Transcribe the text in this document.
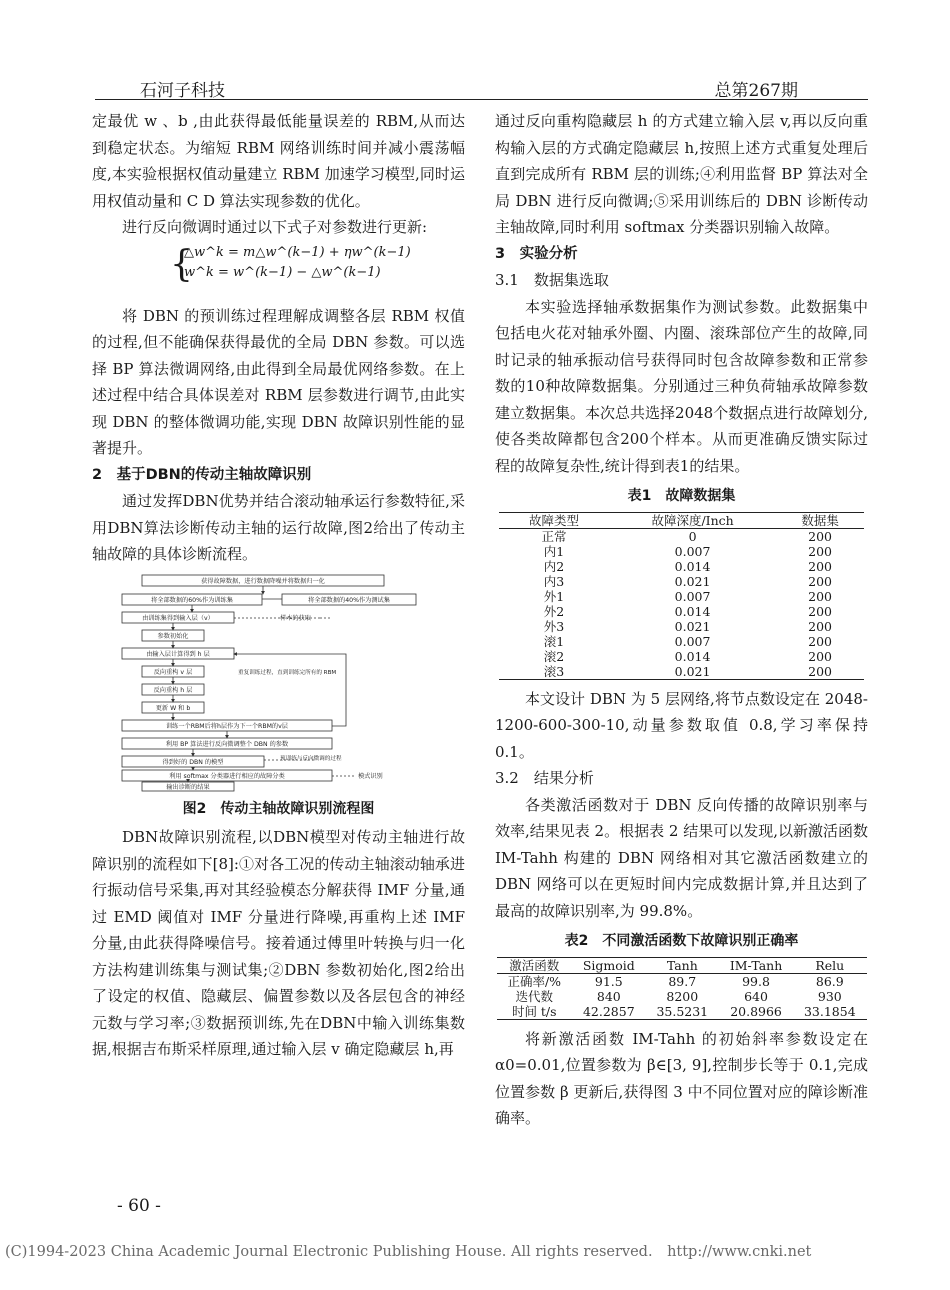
石河子科技	总第267期

定最优 w 、b ,由此获得最低能量误差的 RBM,从而达到稳定状态。为缩短 RBM 网络训练时间并减小震荡幅度,本实验根据权值动量建立 RBM 加速学习模型,同时运用权值动量和 C D 算法实现参数的优化。

进行反向微调时通过以下式子对参数进行更新:

{
△w^k = m△w^(k−1) + ηw^(k−1)
w^k = w^(k−1) − △w^(k−1)

将 DBN 的预训练过程理解成调整各层 RBM 权值的过程,但不能确保获得最优的全局 DBN 参数。可以选择 BP 算法微调网络,由此得到全局最优网络参数。在上述过程中结合具体误差对 RBM 层参数进行调节,由此实现 DBN 的整体微调功能,实现 DBN 故障识别性能的显著提升。

2　基于DBN的传动主轴故障识别

通过发挥DBN优势并结合滚动轴承运行参数特征,采用DBN算法诊断传动主轴的运行故障,图2给出了传动主轴故障的具体诊断流程。

获得故障数据，进行数据降噪并将数据归一化
将全部数据的60%作为训练集	将全部数据的40%作为测试集
由训练集得到输入层（v）
参数初始化
由输入层计算得到 h 层
反向重构 v 层
反向重构 h 层
更新 W 和 b
训练一个RBM后将h层作为下一个RBM的v层
利用 BP 算法进行反向微调整个 DBN 的参数
得到好的 DBN 的模型
利用 softmax 分类器进行相应的故障分类
输出诊断的结果
样本的获取
重复训练过程，直到训练完所有的 RBM
预训练与反向微调的过程
模式识别
图2　传动主轴故障识别流程图

DBN故障识别流程,以DBN模型对传动主轴进行故障识别的流程如下[8]:①对各工况的传动主轴滚动轴承进行振动信号采集,再对其经验模态分解获得 IMF 分量,通过 EMD 阈值对 IMF 分量进行降噪,再重构上述 IMF 分量,由此获得降噪信号。接着通过傅里叶转换与归一化方法构建训练集与测试集;②DBN 参数初始化,图2给出了设定的权值、隐藏层、偏置参数以及各层包含的神经元数与学习率;③数据预训练,先在DBN中输入训练集数据,根据吉布斯采样原理,通过输入层 v 确定隐藏层 h,再

通过反向重构隐藏层 h 的方式建立输入层 v,再以反向重构输入层的方式确定隐藏层 h,按照上述方式重复处理后直到完成所有 RBM 层的训练;④利用监督 BP 算法对全局 DBN 进行反向微调;⑤采用训练后的 DBN 诊断传动主轴故障,同时利用 softmax 分类器识别输入故障。

3　实验分析

3.1　数据集选取

本实验选择轴承数据集作为测试参数。此数据集中包括电火花对轴承外圈、内圈、滚珠部位产生的故障,同时记录的轴承振动信号获得同时包含故障参数和正常参数的10种故障数据集。分别通过三种负荷轴承故障参数建立数据集。本次总共选择2048个数据点进行故障划分,使各类故障都包含200个样本。从而更准确反馈实际过程的故障复杂性,统计得到表1的结果。

表1　故障数据集
故障类型	故障深度/Inch	数据集
正常	0	200
内1	0.007	200
内2	0.014	200
内3	0.021	200
外1	0.007	200
外2	0.014	200
外3	0.021	200
滚1	0.007	200
滚2	0.014	200
滚3	0.021	200

本文设计 DBN 为 5 层网络,将节点数设定在 2048-1200-600-300-10,动量参数取值 0.8,学习率保持 0.1。

3.2　结果分析

各类激活函数对于 DBN 反向传播的故障识别率与效率,结果见表 2。根据表 2 结果可以发现,以新激活函数 IM-Tahh 构建的 DBN 网络相对其它激活函数建立的 DBN 网络可以在更短时间内完成数据计算,并且达到了最高的故障识别率,为 99.8%。

表2　不同激活函数下故障识别正确率
激活函数	Sigmoid	Tanh	IM-Tanh	Relu
正确率/%	91.5	89.7	99.8	86.9
迭代数	840	8200	640	930
时间 t/s	42.2857	35.5231	20.8966	33.1854

将新激活函数 IM-Tahh 的初始斜率参数设定在 α0=0.01,位置参数为 β∈[3, 9],控制步长等于 0.1,完成位置参数 β 更新后,获得图 3 中不同位置对应的障诊断准确率。

- 60 -
(C)1994-2023 China Academic Journal Electronic Publishing House. All rights reserved.　http://www.cnki.net
